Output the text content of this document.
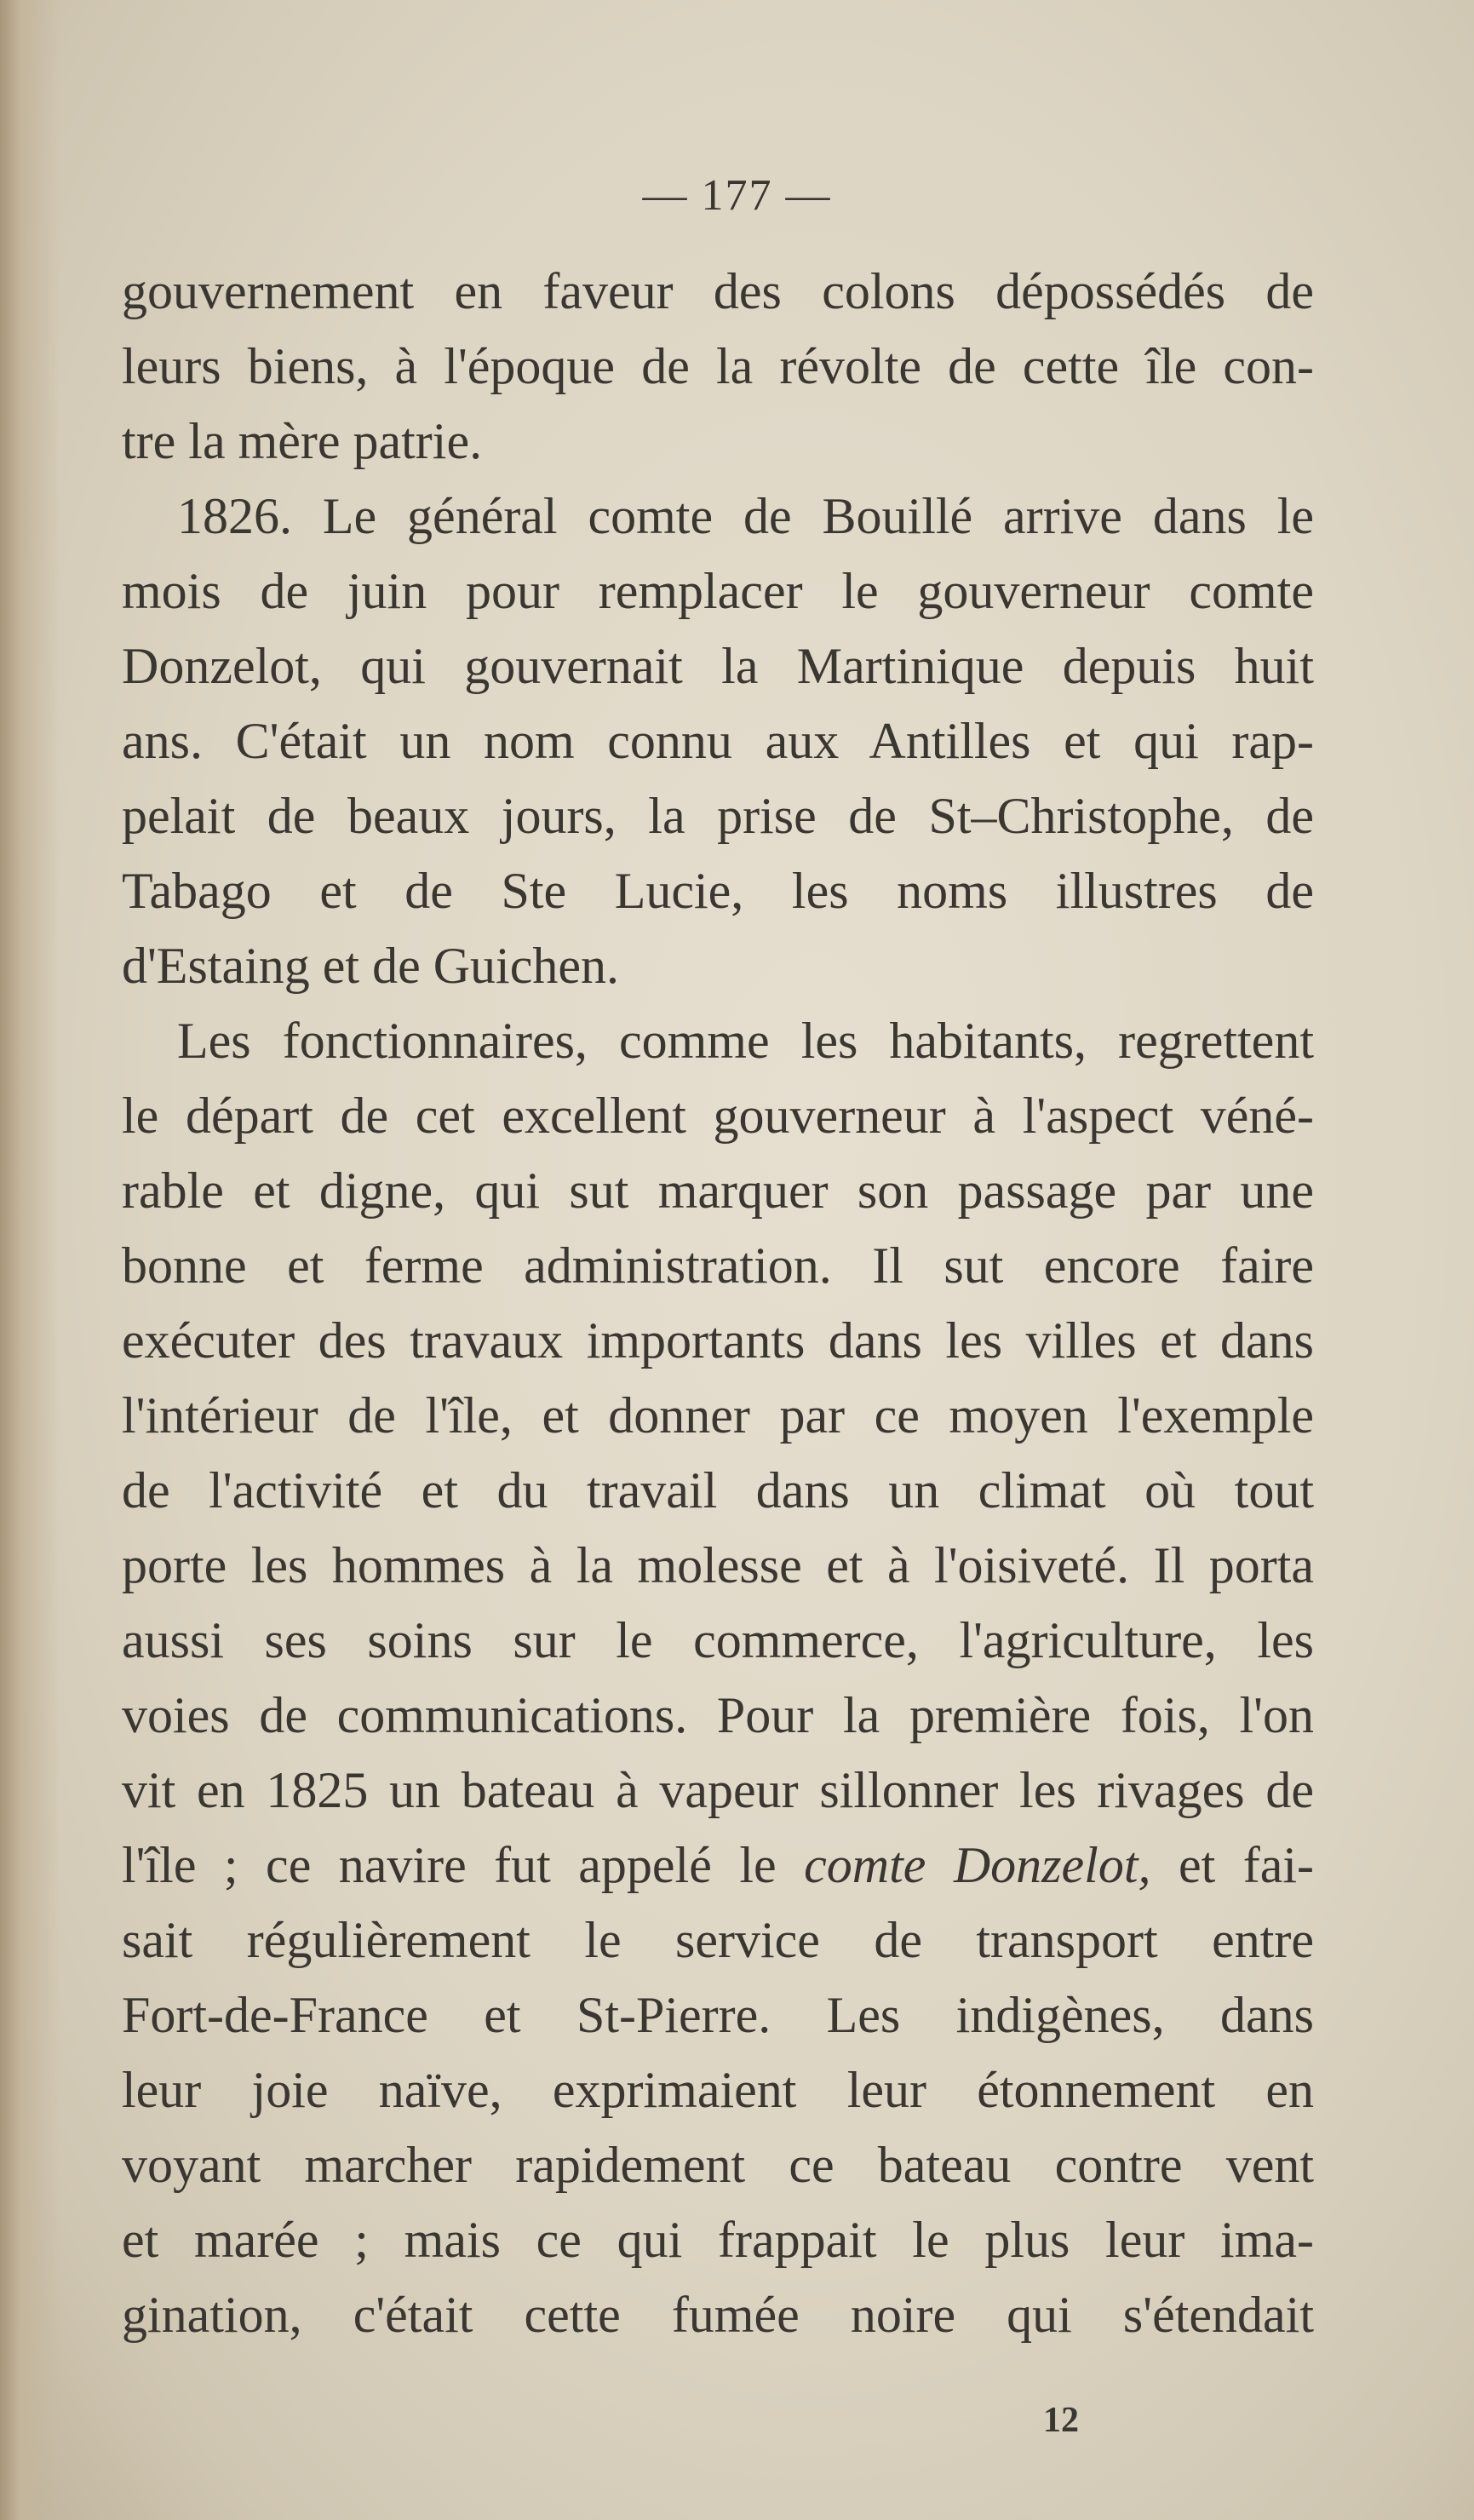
— 177 —
gouvernement en faveur des colons dépossédés de
leurs biens, à l'époque de la révolte de cette île con-
tre la mère patrie.
1826. Le général comte de Bouillé arrive dans le
mois de juin pour remplacer le gouverneur comte
Donzelot, qui gouvernait la Martinique depuis huit
ans. C'était un nom connu aux Antilles et qui rap-
pelait de beaux jours, la prise de St–Christophe, de
Tabago et de Ste Lucie, les noms illustres de
d'Estaing et de Guichen.
Les fonctionnaires, comme les habitants, regrettent
le départ de cet excellent gouverneur à l'aspect véné-
rable et digne, qui sut marquer son passage par une
bonne et ferme administration. Il sut encore faire
exécuter des travaux importants dans les villes et dans
l'intérieur de l'île, et donner par ce moyen l'exemple
de l'activité et du travail dans un climat où tout
porte les hommes à la molesse et à l'oisiveté. Il porta
aussi ses soins sur le commerce, l'agriculture, les
voies de communications. Pour la première fois, l'on
vit en 1825 un bateau à vapeur sillonner les rivages de
l'île ; ce navire fut appelé le comte Donzelot, et fai-
sait régulièrement le service de transport entre
Fort-de-France et St-Pierre. Les indigènes, dans
leur joie naïve, exprimaient leur étonnement en
voyant marcher rapidement ce bateau contre vent
et marée ; mais ce qui frappait le plus leur ima-
gination, c'était cette fumée noire qui s'étendait
12
